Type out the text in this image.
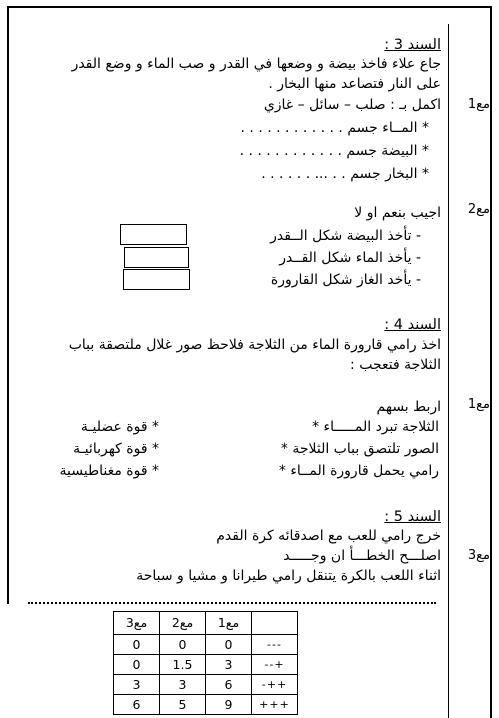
السند 3 :
جاع علاء فاخذ بيضة و وضعها في القدر و صب الماء و وضع القدر
على النار فتصاعد منها البخار .
مع1
اكمل بـ : صلب – سائل – غازي
* المــاء جسم . . . . . . . . . . . .
* البيضة جسم . . . . . . . . . . . .
* البخار جسم . . ... . . . . . .
مع2
اجيب بنعم او لا
- تأخذ البيضة شكل الــقدر
- يأخذ الماء شكل القــدر
- يأخد الغاز شكل القارورة
السند 4 :
اخذ رامي قارورة الماء من الثلاجة فلاحظ صور غلال ملتصقة بباب
الثلاجة فتعجب :
مع1
اربط بسهم
الثلاجة تبرد المـــــاء *
الصور تلتصق بباب الثلاجة *
رامي يحمل قارورة المــاء *
* قوة عضليـة
* قوة كهربائيـة
* قوة مغناطيسية
السند 5 :
خرج رامي للعب مع اصدقائه كرة القدم
اصلـــح الخطـــأ ان وجـــــد	مع3
اثناء اللعب بالكرة يتنقل رامي طيرانا و مشيا و سباحة
	مع1	مع2	مع3
---	0	0	0
+--	3	1.5	0
++-	6	3	3
+++	9	5	6
